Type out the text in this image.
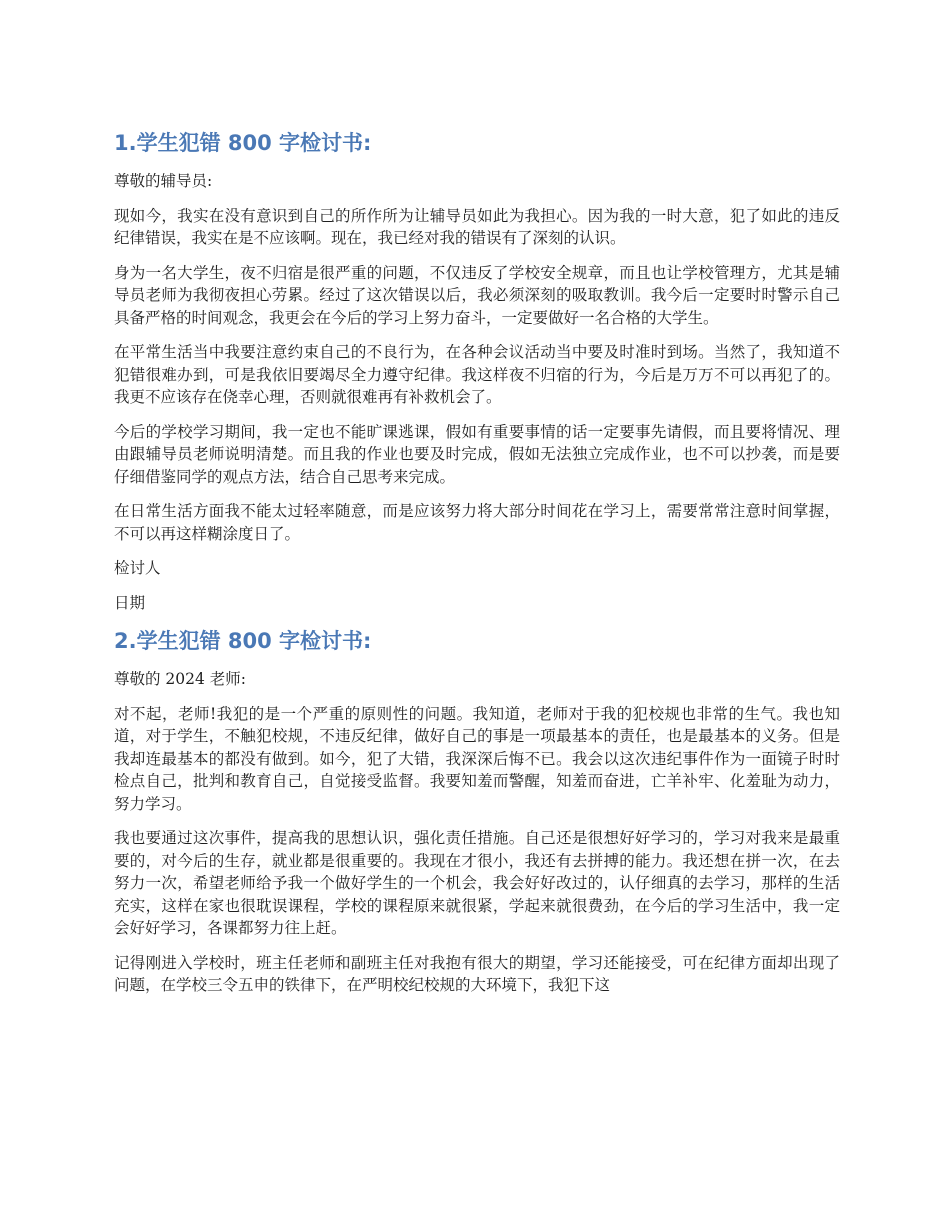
1.学生犯错 800 字检讨书:

尊敬的辅导员:

现如今，我实在没有意识到自己的所作所为让辅导员如此为我担心。因为我的一时大意，犯了如此的违反纪律错误，我实在是不应该啊。现在，我已经对我的错误有了深刻的认识。

身为一名大学生，夜不归宿是很严重的问题，不仅违反了学校安全规章，而且也让学校管理方，尤其是辅导员老师为我彻夜担心劳累。经过了这次错误以后，我必须深刻的吸取教训。我今后一定要时时警示自己具备严格的时间观念，我更会在今后的学习上努力奋斗，一定要做好一名合格的大学生。

在平常生活当中我要注意约束自己的不良行为，在各种会议活动当中要及时准时到场。当然了，我知道不犯错很难办到，可是我依旧要竭尽全力遵守纪律。我这样夜不归宿的行为，今后是万万不可以再犯了的。我更不应该存在侥幸心理，否则就很难再有补救机会了。

今后的学校学习期间，我一定也不能旷课逃课，假如有重要事情的话一定要事先请假，而且要将情况、理由跟辅导员老师说明清楚。而且我的作业也要及时完成，假如无法独立完成作业，也不可以抄袭，而是要仔细借鉴同学的观点方法，结合自己思考来完成。

在日常生活方面我不能太过轻率随意，而是应该努力将大部分时间花在学习上，需要常常注意时间掌握，不可以再这样糊涂度日了。

检讨人

日期

2.学生犯错 800 字检讨书:

尊敬的 2024 老师:

对不起，老师!我犯的是一个严重的原则性的问题。我知道，老师对于我的犯校规也非常的生气。我也知道，对于学生，不触犯校规，不违反纪律，做好自己的事是一项最基本的责任，也是最基本的义务。但是我却连最基本的都没有做到。如今，犯了大错，我深深后悔不已。我会以这次违纪事件作为一面镜子时时检点自己，批判和教育自己，自觉接受监督。我要知羞而警醒，知羞而奋进，亡羊补牢、化羞耻为动力，努力学习。

我也要通过这次事件，提高我的思想认识，强化责任措施。自己还是很想好好学习的，学习对我来是最重要的，对今后的生存，就业都是很重要的。我现在才很小，我还有去拼搏的能力。我还想在拼一次，在去努力一次，希望老师给予我一个做好学生的一个机会，我会好好改过的，认仔细真的去学习，那样的生活充实，这样在家也很耽误课程，学校的课程原来就很紧，学起来就很费劲，在今后的学习生活中，我一定会好好学习，各课都努力往上赶。

记得刚进入学校时，班主任老师和副班主任对我抱有很大的期望，学习还能接受，可在纪律方面却出现了问题，在学校三令五申的铁律下，在严明校纪校规的大环境下，我犯下这
